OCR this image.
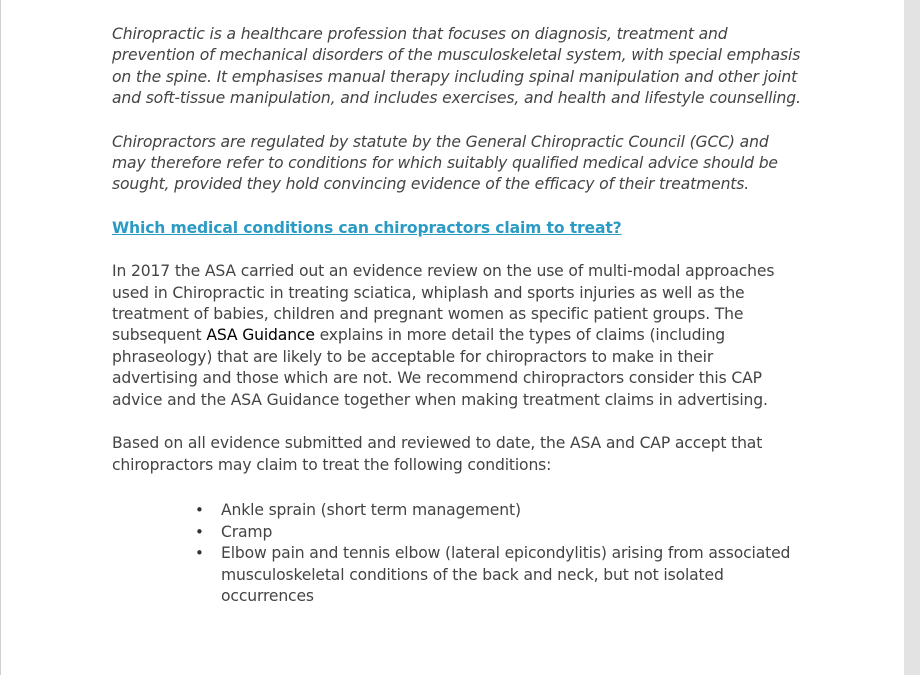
Chiropractic is a healthcare profession that focuses on diagnosis, treatment and prevention of mechanical disorders of the musculoskeletal system, with special emphasis on the spine. It emphasises manual therapy including spinal manipulation and other joint and soft-tissue manipulation, and includes exercises, and health and lifestyle counselling.

Chiropractors are regulated by statute by the General Chiropractic Council (GCC) and may therefore refer to conditions for which suitably qualified medical advice should be sought, provided they hold convincing evidence of the efficacy of their treatments.

Which medical conditions can chiropractors claim to treat?

In 2017 the ASA carried out an evidence review on the use of multi-modal approaches used in Chiropractic in treating sciatica, whiplash and sports injuries as well as the treatment of babies, children and pregnant women as specific patient groups. The subsequent ASA Guidance explains in more detail the types of claims (including phraseology) that are likely to be acceptable for chiropractors to make in their advertising and those which are not. We recommend chiropractors consider this CAP advice and the ASA Guidance together when making treatment claims in advertising.

Based on all evidence submitted and reviewed to date, the ASA and CAP accept that chiropractors may claim to treat the following conditions:

• Ankle sprain (short term management)
• Cramp
• Elbow pain and tennis elbow (lateral epicondylitis) arising from associated musculoskeletal conditions of the back and neck, but not isolated occurrences
